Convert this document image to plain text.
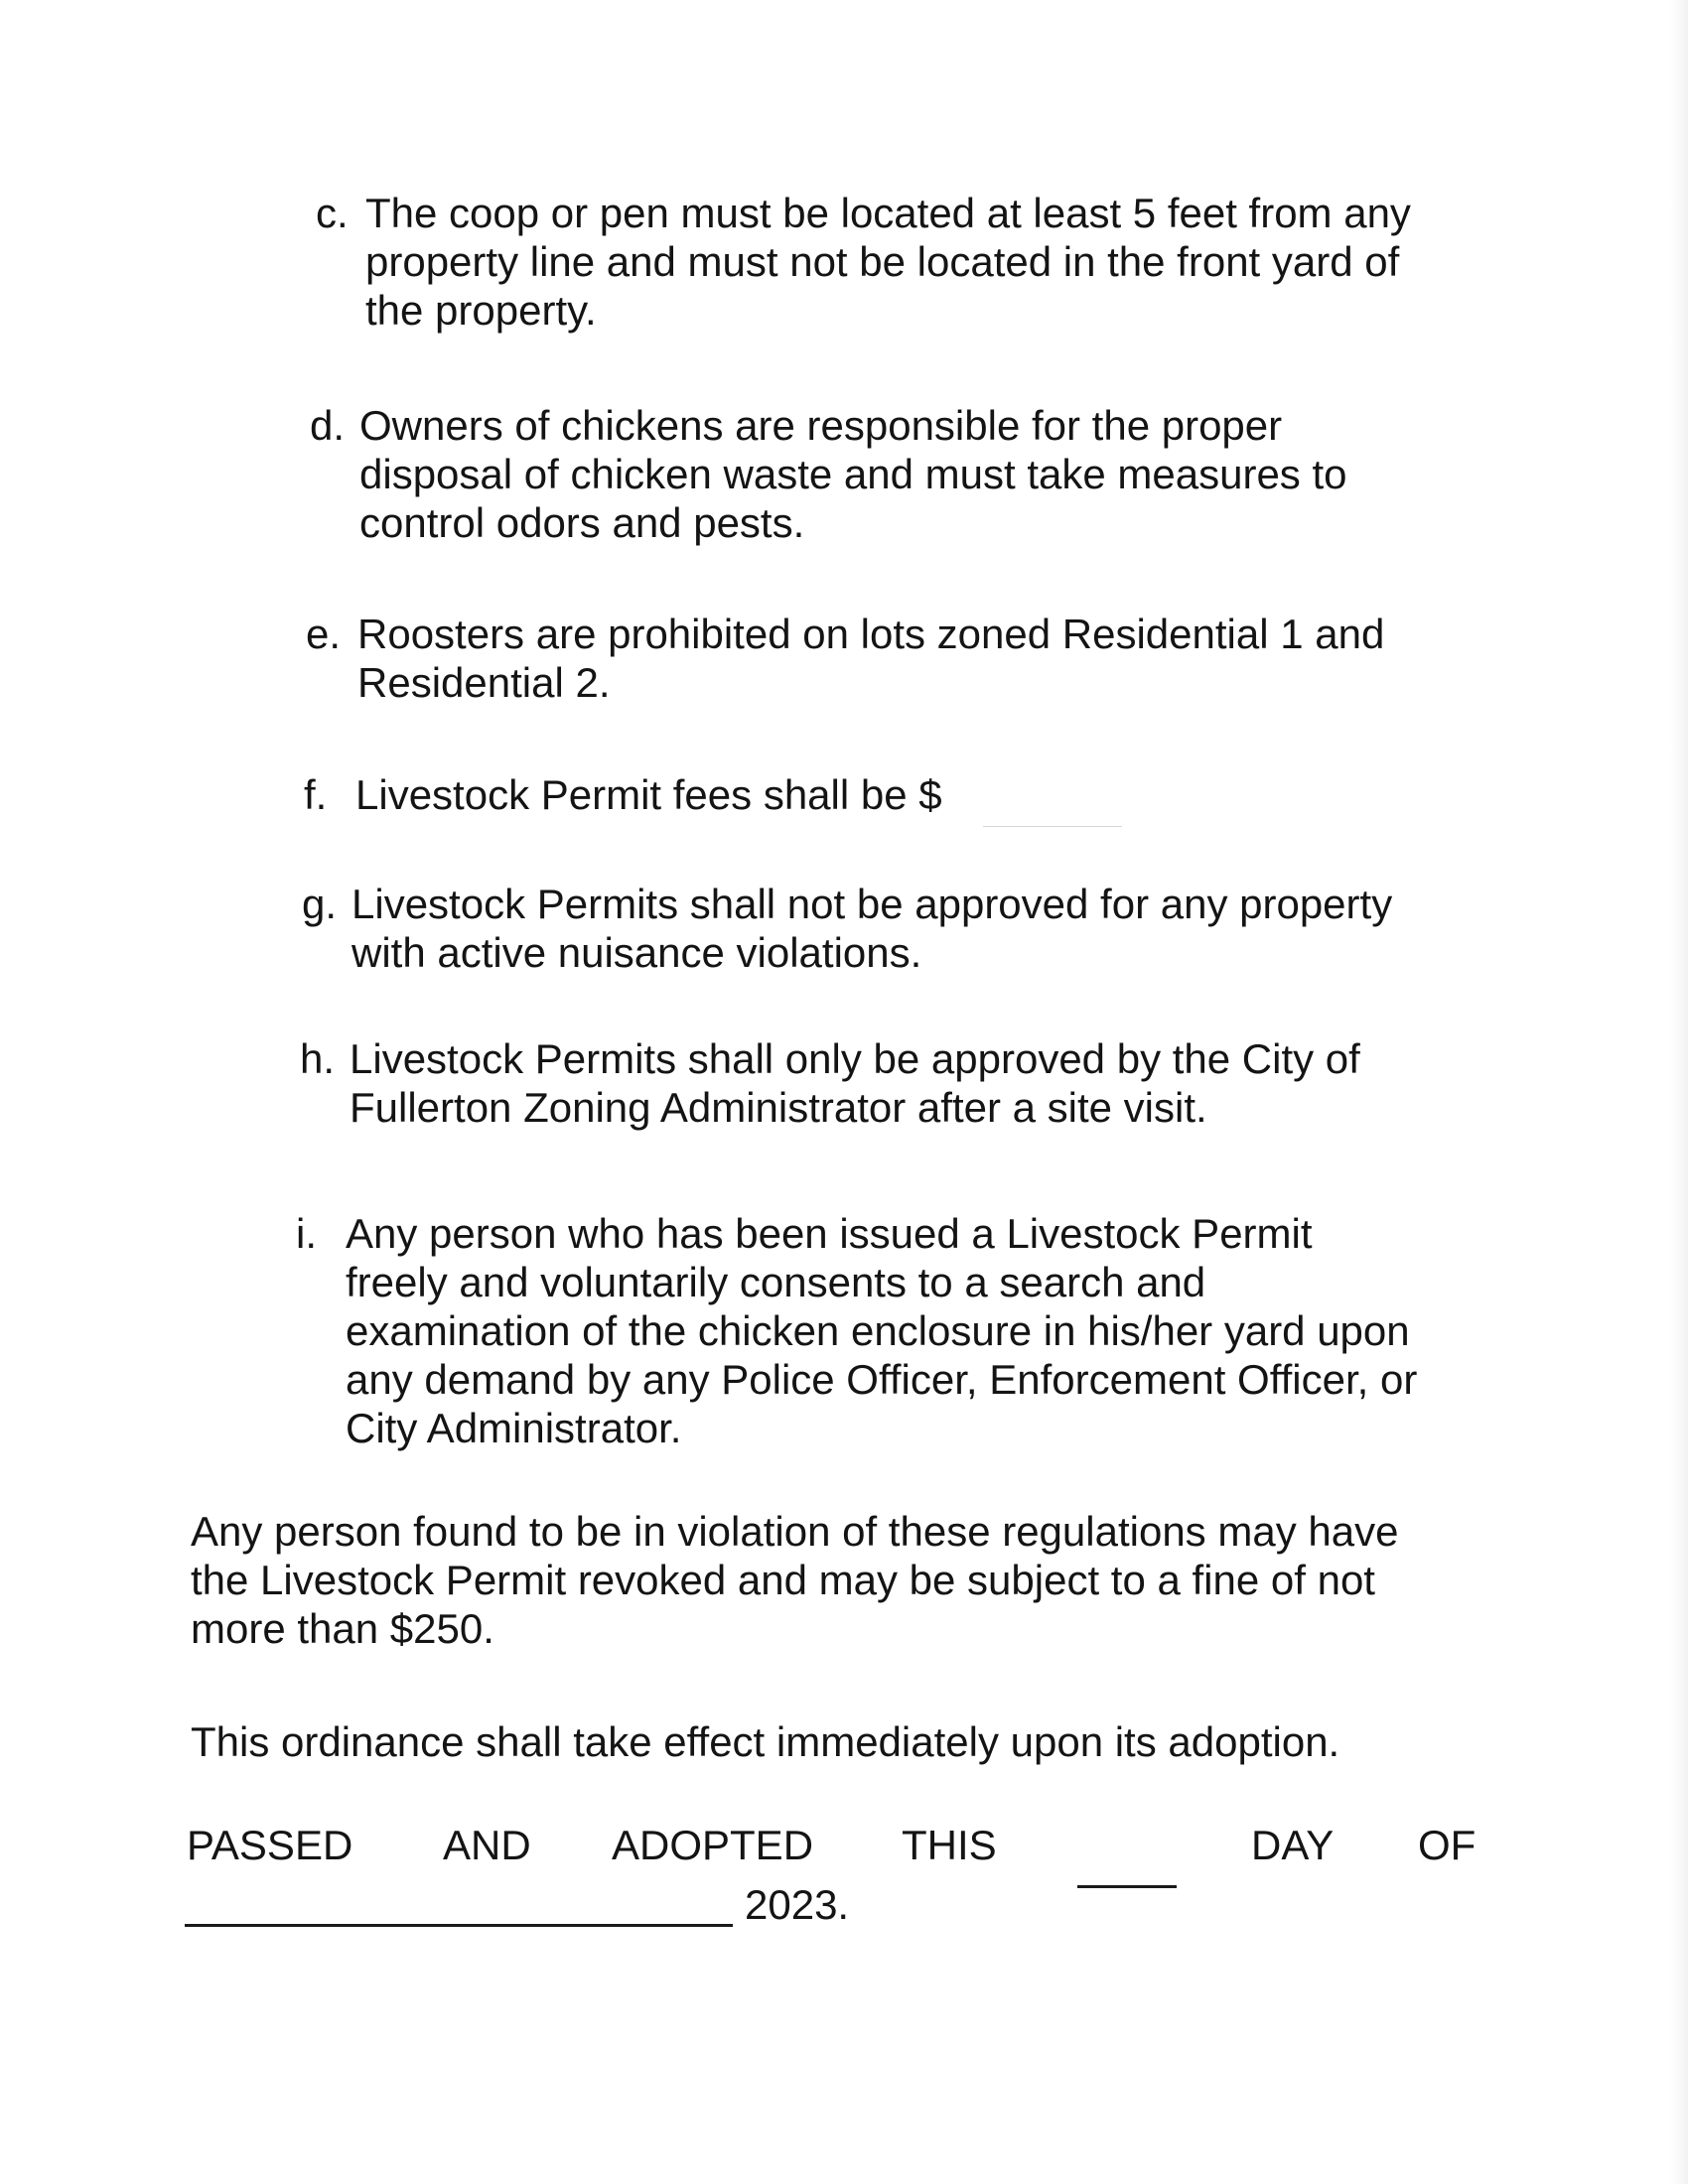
c. The coop or pen must be located at least 5 feet from any
property line and must not be located in the front yard of
the property.
d. Owners of chickens are responsible for the proper
disposal of chicken waste and must take measures to
control odors and pests.
e. Roosters are prohibited on lots zoned Residential 1 and
Residential 2.
f. Livestock Permit fees shall be $
g. Livestock Permits shall not be approved for any property
with active nuisance violations.
h. Livestock Permits shall only be approved by the City of
Fullerton Zoning Administrator after a site visit.
i. Any person who has been issued a Livestock Permit
freely and voluntarily consents to a search and
examination of the chicken enclosure in his/her yard upon
any demand by any Police Officer, Enforcement Officer, or
City Administrator.
Any person found to be in violation of these regulations may have
the Livestock Permit revoked and may be subject to a fine of not
more than $250.
This ordinance shall take effect immediately upon its adoption.
PASSED AND ADOPTED THIS	DAY OF
2023.
